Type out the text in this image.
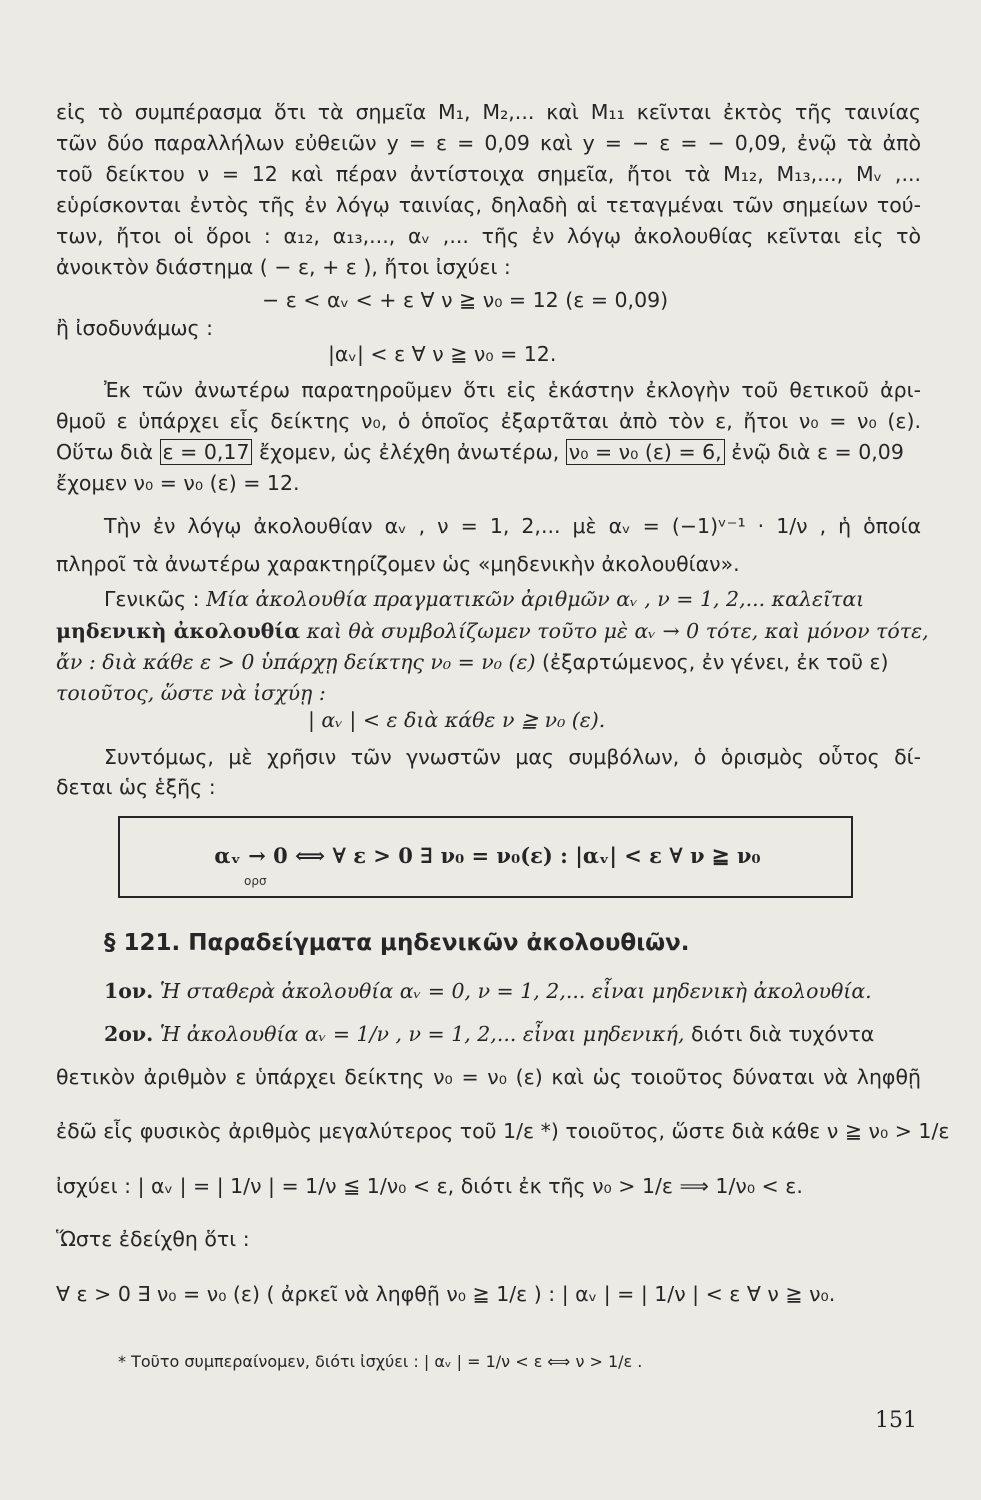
εἰς τὸ συμπέρασμα ὅτι τὰ σημεῖα M₁, M₂,... καὶ M₁₁ κεῖνται ἐκτὸς τῆς ταινίας
τῶν δύο παραλλήλων εὐθειῶν y = ε = 0,09 καὶ y = − ε = − 0,09, ἐνῷ τὰ ἀπὸ
τοῦ δείκτου ν = 12 καὶ πέραν ἀντίστοιχα σημεῖα, ἤτοι τὰ M₁₂, M₁₃,..., Mᵥ ,...
εὑρίσκονται ἐντὸς τῆς ἐν λόγῳ ταινίας, δηλαδὴ αἱ τεταγμέναι τῶν σημείων τού-
των, ἤτοι οἱ ὅροι : α₁₂, α₁₃,..., αᵥ ,... τῆς ἐν λόγῳ ἀκολουθίας κεῖνται εἰς τὸ
ἀνοικτὸν διάστημα ( − ε, + ε ), ἤτοι ἰσχύει :
− ε < αᵥ < + ε ∀ ν ≧ ν₀ = 12 (ε = 0,09)
ἢ ἰσοδυνάμως :
|αᵥ| < ε ∀ ν ≧ ν₀ = 12.
Ἐκ τῶν ἀνωτέρω παρατηροῦμεν ὅτι εἰς ἑκάστην ἐκλογὴν τοῦ θετικοῦ ἀρι-
θμοῦ ε ὑπάρχει εἷς δείκτης ν₀, ὁ ὁποῖος ἐξαρτᾶται ἀπὸ τὸν ε, ἤτοι ν₀ = ν₀ (ε).
Οὕτω διὰ ε = 0,17 ἔχομεν, ὡς ἐλέχθη ἀνωτέρω, ν₀ = ν₀ (ε) = 6, ἐνῷ διὰ ε = 0,09
ἔχομεν ν₀ = ν₀ (ε) = 12.
Τὴν ἐν λόγῳ ἀκολουθίαν αᵥ , ν = 1, 2,... μὲ αᵥ = (−1)ᵛ⁻¹ · 1/ν , ἡ ὁποία
πληροῖ τὰ ἀνωτέρω χαρακτηρίζομεν ὡς «μηδενικὴν ἀκολουθίαν».
Γενικῶς : Μία ἀκολουθία πραγματικῶν ἀριθμῶν αᵥ , ν = 1, 2,... καλεῖται
μηδενικὴ ἀκολουθία καὶ θὰ συμβολίζωμεν τοῦτο μὲ αᵥ → 0 τότε, καὶ μόνον τότε,
ἄν : διὰ κάθε ε > 0 ὑπάρχῃ δείκτης ν₀ = ν₀ (ε) (ἐξαρτώμενος, ἐν γένει, ἐκ τοῦ ε)
τοιοῦτος, ὥστε νὰ ἰσχύῃ :
| αᵥ | < ε διὰ κάθε ν ≧ ν₀ (ε).
Συντόμως, μὲ χρῆσιν τῶν γνωστῶν μας συμβόλων, ὁ ὁρισμὸς οὗτος δί-
δεται ὡς ἑξῆς :
αᵥ → 0 ⟺ ∀ ε > 0 ∃ ν₀ = ν₀(ε) : |αᵥ| < ε ∀ ν ≧ ν₀
ορσ
§ 121. Παραδείγματα μηδενικῶν ἀκολουθιῶν.
1ον. Ἡ σταθερὰ ἀκολουθία αᵥ = 0, ν = 1, 2,... εἶναι μηδενικὴ ἀκολουθία.
2ον. Ἡ ἀκολουθία αᵥ = 1/ν , ν = 1, 2,... εἶναι μηδενική, διότι διὰ τυχόντα
θετικὸν ἀριθμὸν ε ὑπάρχει δείκτης ν₀ = ν₀ (ε) καὶ ὡς τοιοῦτος δύναται νὰ ληφθῇ
ἐδῶ εἷς φυσικὸς ἀριθμὸς μεγαλύτερος τοῦ 1/ε *) τοιοῦτος, ὥστε διὰ κάθε ν ≧ ν₀ > 1/ε
ἰσχύει : | αᵥ | = | 1/ν | = 1/ν ≦ 1/ν₀ < ε, διότι ἐκ τῆς ν₀ > 1/ε ⟹ 1/ν₀ < ε.
Ὥστε ἐδείχθη ὅτι :
∀ ε > 0 ∃ ν₀ = ν₀ (ε) ( ἀρκεῖ νὰ ληφθῇ ν₀ ≧ 1/ε ) : | αᵥ | = | 1/ν | < ε ∀ ν ≧ ν₀.
* Τοῦτο συμπεραίνομεν, διότι ἰσχύει : | αᵥ | = 1/ν < ε ⟺ ν > 1/ε .
151
